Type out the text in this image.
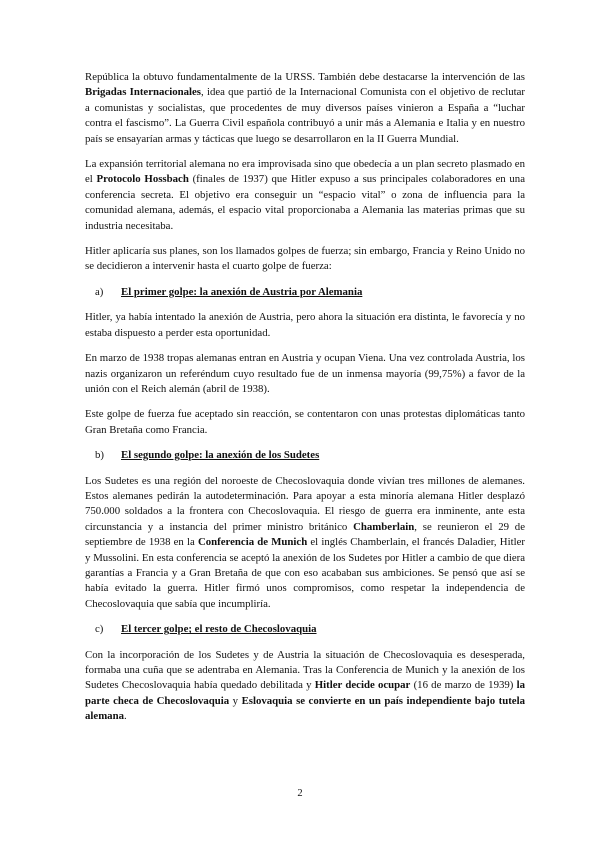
República la obtuvo fundamentalmente de la URSS. También debe destacarse la intervención de las Brigadas Internacionales, idea que partió de la Internacional Comunista con el objetivo de reclutar a comunistas y socialistas, que procedentes de muy diversos países vinieron a España a “luchar contra el fascismo”. La Guerra Civil española contribuyó a unir más a Alemania e Italia y en nuestro país se ensayarían armas y tácticas que luego se desarrollaron en la II Guerra Mundial.

La expansión territorial alemana no era improvisada sino que obedecía a un plan secreto plasmado en el Protocolo Hossbach (finales de 1937) que Hitler expuso a sus principales colaboradores en una conferencia secreta. El objetivo era conseguir un “espacio vital” o zona de influencia para la comunidad alemana, además, el espacio vital proporcionaba a Alemania las materias primas que su industria necesitaba.

Hitler aplicaría sus planes, son los llamados golpes de fuerza; sin embargo, Francia y Reino Unido no se decidieron a intervenir hasta el cuarto golpe de fuerza:

a)	El primer golpe: la anexión de Austria por Alemania

Hitler, ya había intentado la anexión de Austria, pero ahora la situación era distinta, le favorecía y no estaba dispuesto a perder esta oportunidad.

En marzo de 1938 tropas alemanas entran en Austria y ocupan Viena. Una vez controlada Austria, los nazis organizaron un referéndum cuyo resultado fue de un inmensa mayoría (99,75%) a favor de la unión con el Reich alemán (abril de 1938).

Este golpe de fuerza fue aceptado sin reacción, se contentaron con unas protestas diplomáticas tanto Gran Bretaña como Francia.

b)	El segundo golpe: la anexión de los Sudetes

Los Sudetes es una región del noroeste de Checoslovaquia donde vivían tres millones de alemanes. Estos alemanes pedirán la autodeterminación. Para apoyar a esta minoría alemana Hitler desplazó 750.000 soldados a la frontera con Checoslovaquia. El riesgo de guerra era inminente, ante esta circunstancia y a instancia del primer ministro británico Chamberlain, se reunieron el 29 de septiembre de 1938 en la Conferencia de Munich el inglés Chamberlain, el francés Daladier, Hitler y Mussolini. En esta conferencia se aceptó la anexión de los Sudetes por Hitler a cambio de que diera garantías a Francia y a Gran Bretaña de que con eso acababan sus ambiciones. Se pensó que así se había evitado la guerra. Hitler firmó unos compromisos, como respetar la independencia de Checoslovaquia que sabía que incumpliría.

c)	El tercer golpe; el resto de Checoslovaquia

Con la incorporación de los Sudetes y de Austria la situación de Checoslovaquia es desesperada, formaba una cuña que se adentraba en Alemania. Tras la Conferencia de Munich y la anexión de los Sudetes Checoslovaquia había quedado debilitada y Hitler decide ocupar (16 de marzo de 1939) la parte checa de Checoslovaquia y Eslovaquia se convierte en un país independiente bajo tutela alemana.

2
